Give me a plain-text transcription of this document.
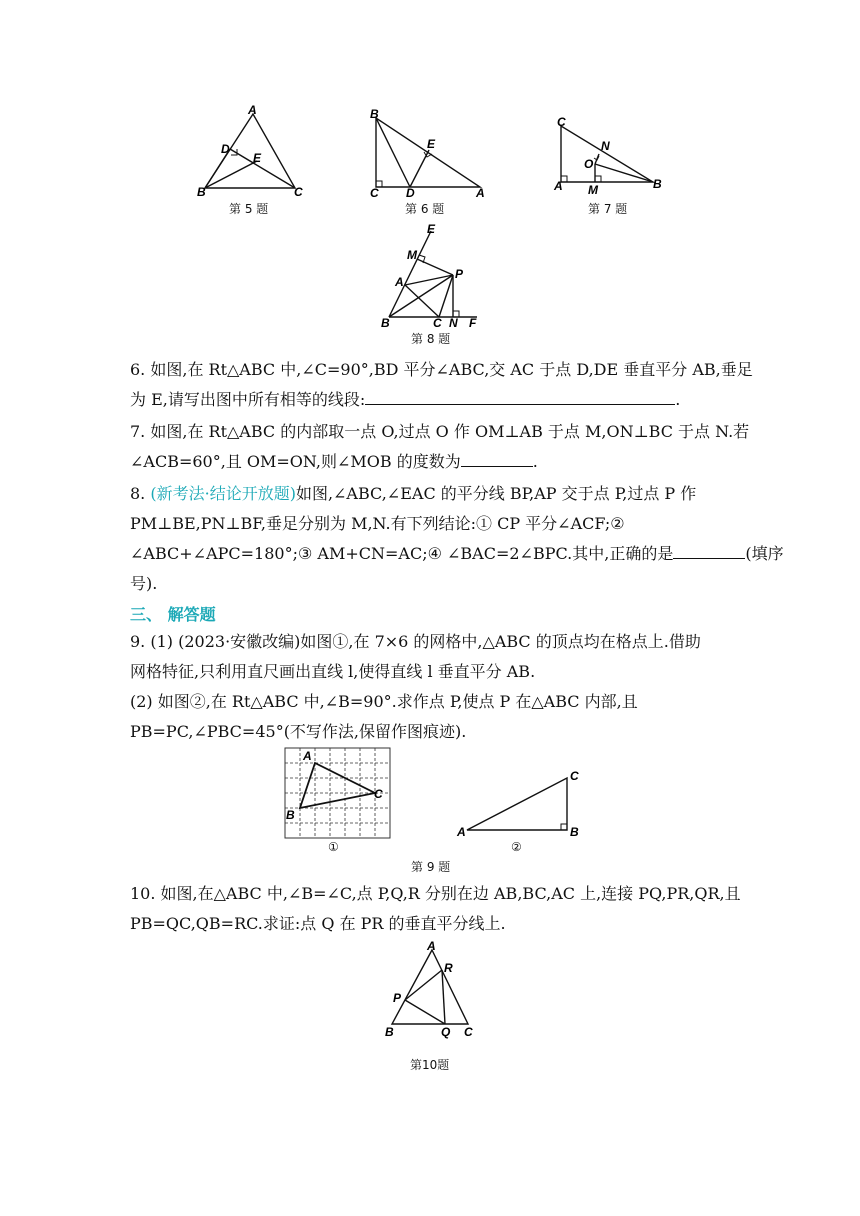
A
D
E
B	C
第 5 题
B
E
C D	A
第 6 题
C
N
O
A M	B
第 7 题
E
M
A
P
B	C N F
第 8 题
6. 如图,在 Rt△ABC 中,∠C=90°,BD 平分∠ABC,交 AC 于点 D,DE 垂直平分 AB,垂足
为 E,请写出图中所有相等的线段:	.
7. 如图,在 Rt△ABC 的内部取一点 O,过点 O 作 OM⊥AB 于点 M,ON⊥BC 于点 N.若
∠ACB=60°,且 OM=ON,则∠MOB 的度数为	.
8. (新考法·结论开放题)如图,∠ABC,∠EAC 的平分线 BP,AP 交于点 P,过点 P 作
PM⊥BE,PN⊥BF,垂足分别为 M,N.有下列结论:① CP 平分∠ACF;②
∠ABC+∠APC=180°;③ AM+CN=AC;④ ∠BAC=2∠BPC.其中,正确的是	(填序
号).
三、 解答题
9. (1) (2023·安徽改编)如图①,在 7×6 的网格中,△ABC 的顶点均在格点上.借助
网格特征,只利用直尺画出直线 l,使得直线 l 垂直平分 AB.
(2) 如图②,在 Rt△ABC 中,∠B=90°.求作点 P,使点 P 在△ABC 内部,且
PB=PC,∠PBC=45°(不写作法,保留作图痕迹).
A
C
B
①
C
A	B
②
第 9 题
10. 如图,在△ABC 中,∠B=∠C,点 P,Q,R 分别在边 AB,BC,AC 上,连接 PQ,PR,QR,且
PB=QC,QB=RC.求证:点 Q 在 PR 的垂直平分线上.
A
R
P
B	Q C
第10题
